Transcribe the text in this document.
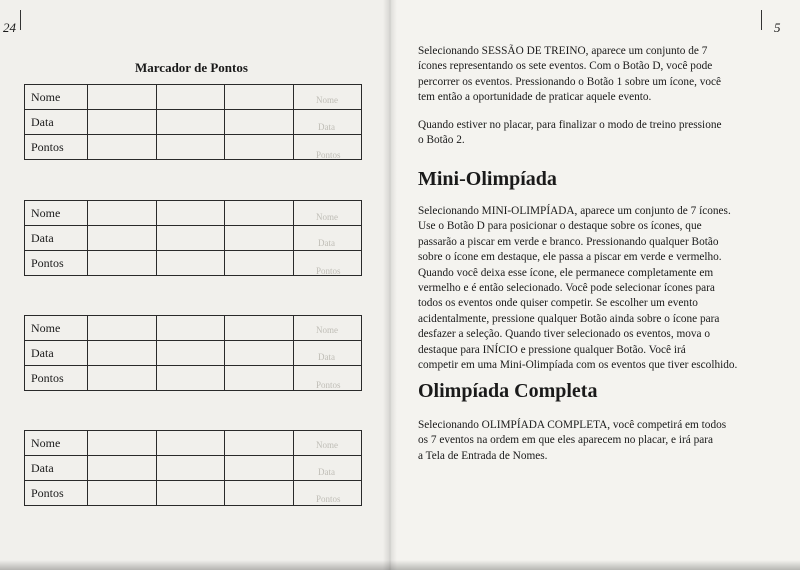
24
Marcador de Pontos
Nome
Data
Pontos
Nome
Data
Pontos
Nome
Data
Pontos
Nome
Data
Pontos
Nome				
Data				
Pontos				
Nome				
Data				
Pontos				
Nome				
Data				
Pontos				
Nome				
Data				
Pontos				
5

Selecionando SESSÃO DE TREINO, aparece um conjunto de 7

ícones representando os sete eventos. Com o Botão D, você pode

percorrer os eventos. Pressionando o Botão 1 sobre um ícone, você

tem então a oportunidade de praticar aquele evento.

Quando estiver no placar, para finalizar o modo de treino pressione

o Botão 2.

Mini-Olimpíada

Selecionando MINI-OLIMPÍADA, aparece um conjunto de 7 ícones.

Use o Botão D para posicionar o destaque sobre os ícones, que

passarão a piscar em verde e branco. Pressionando qualquer Botão

sobre o ícone em destaque, ele passa a piscar em verde e vermelho.

Quando você deixa esse ícone, ele permanece completamente em

vermelho e é então selecionado. Você pode selecionar ícones para

todos os eventos onde quiser competir. Se escolher um evento

acidentalmente, pressione qualquer Botão ainda sobre o ícone para

desfazer a seleção. Quando tiver selecionado os eventos, mova o

destaque para INÍCIO e pressione qualquer Botão. Você irá

competir em uma Mini-Olimpíada com os eventos que tiver escolhido.

Olimpíada Completa

Selecionando OLIMPÍADA COMPLETA, você competirá em todos

os 7 eventos na ordem em que eles aparecem no placar, e irá para

a Tela de Entrada de Nomes.
